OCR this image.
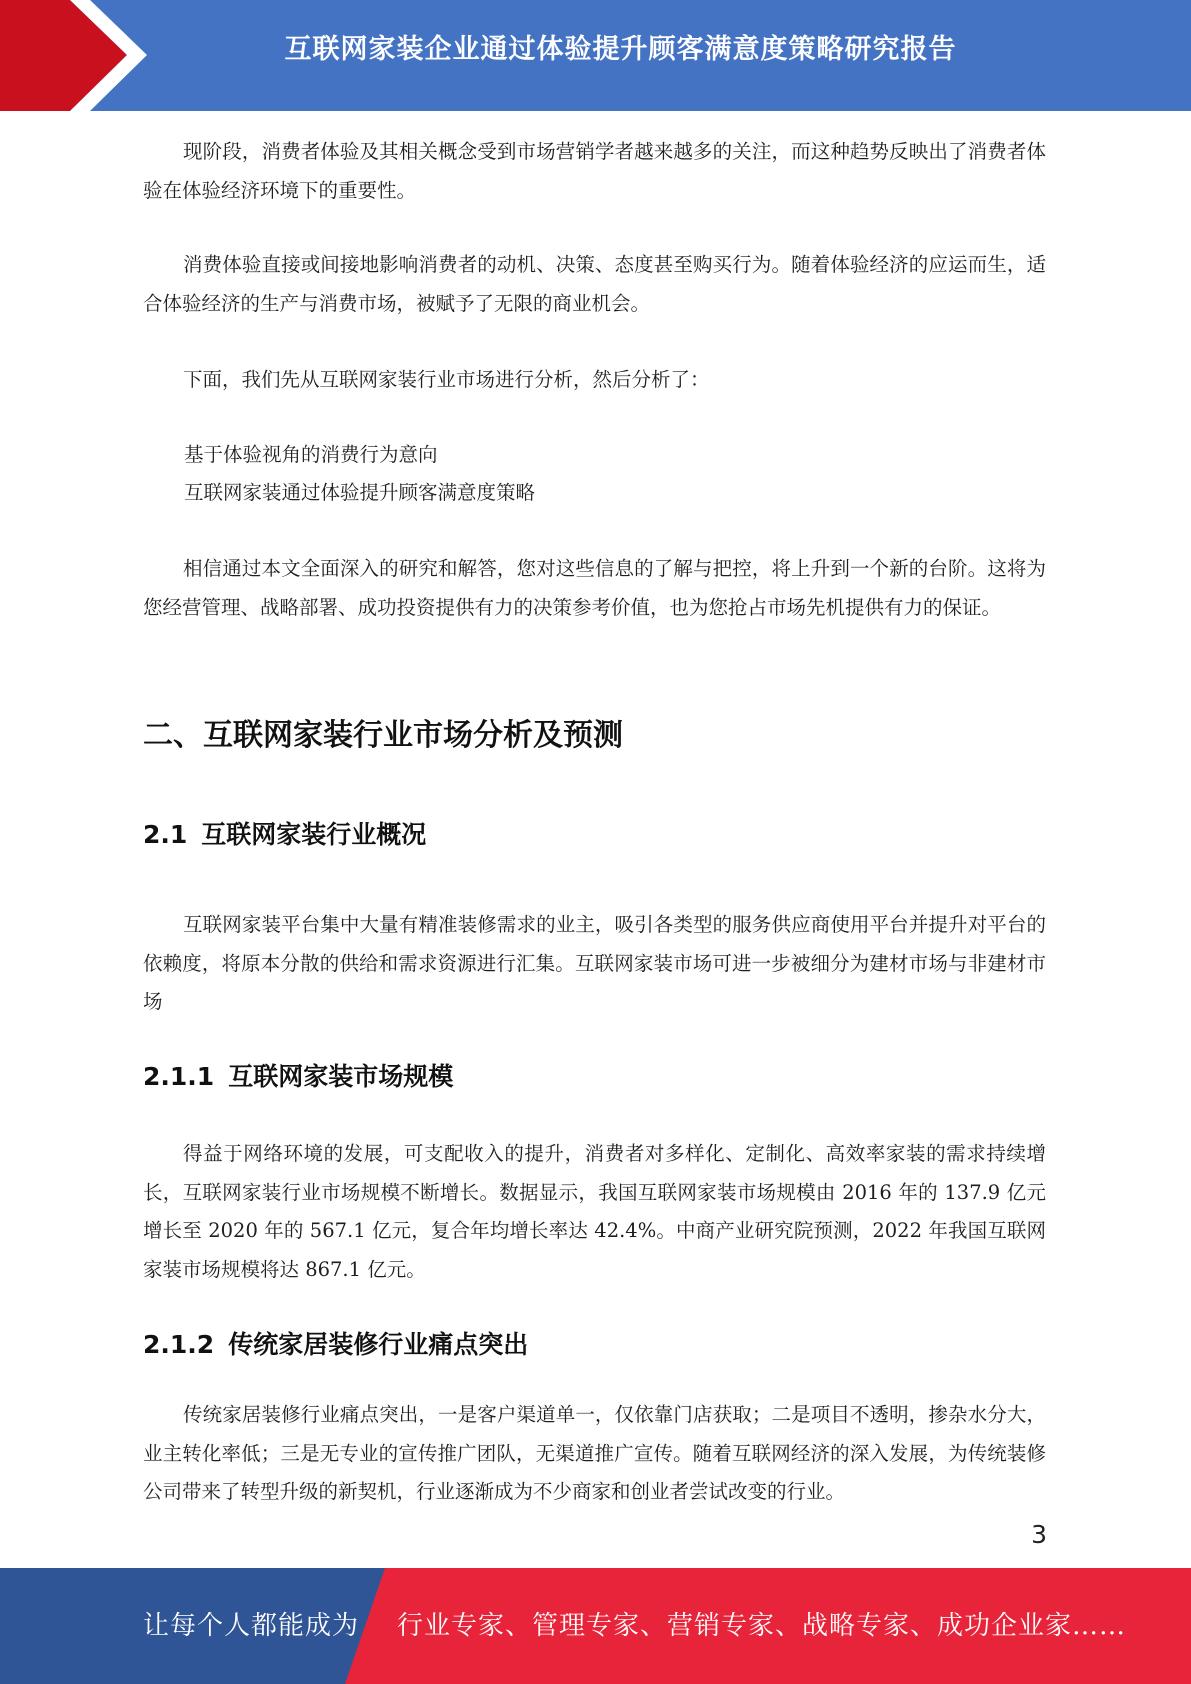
互联网家装企业通过体验提升顾客满意度策略研究报告

现阶段，消费者体验及其相关概念受到市场营销学者越来越多的关注，而这种趋势反映出了消费者体验在体验经济环境下的重要性。

消费体验直接或间接地影响消费者的动机、决策、态度甚至购买行为。随着体验经济的应运而生，适合体验经济的生产与消费市场，被赋予了无限的商业机会。

下面，我们先从互联网家装行业市场进行分析，然后分析了：

基于体验视角的消费行为意向
互联网家装通过体验提升顾客满意度策略

相信通过本文全面深入的研究和解答，您对这些信息的了解与把控，将上升到一个新的台阶。这将为您经营管理、战略部署、成功投资提供有力的决策参考价值，也为您抢占市场先机提供有力的保证。

二、互联网家装行业市场分析及预测
2.1 互联网家装行业概况

互联网家装平台集中大量有精准装修需求的业主，吸引各类型的服务供应商使用平台并提升对平台的依赖度，将原本分散的供给和需求资源进行汇集。互联网家装市场可进一步被细分为建材市场与非建材市场

2.1.1 互联网家装市场规模

得益于网络环境的发展，可支配收入的提升，消费者对多样化、定制化、高效率家装的需求持续增长，互联网家装行业市场规模不断增长。数据显示，我国互联网家装市场规模由 2016 年的 137.9 亿元增长至 2020 年的 567.1 亿元，复合年均增长率达 42.4%。中商产业研究院预测，2022 年我国互联网家装市场规模将达 867.1 亿元。

2.1.2 传统家居装修行业痛点突出

传统家居装修行业痛点突出，一是客户渠道单一，仅依靠门店获取；二是项目不透明，掺杂水分大，业主转化率低；三是无专业的宣传推广团队，无渠道推广宣传。随着互联网经济的深入发展，为传统装修公司带来了转型升级的新契机，行业逐渐成为不少商家和创业者尝试改变的行业。

3
让每个人都能成为 行业专家、管理专家、营销专家、战略专家、成功企业家……
